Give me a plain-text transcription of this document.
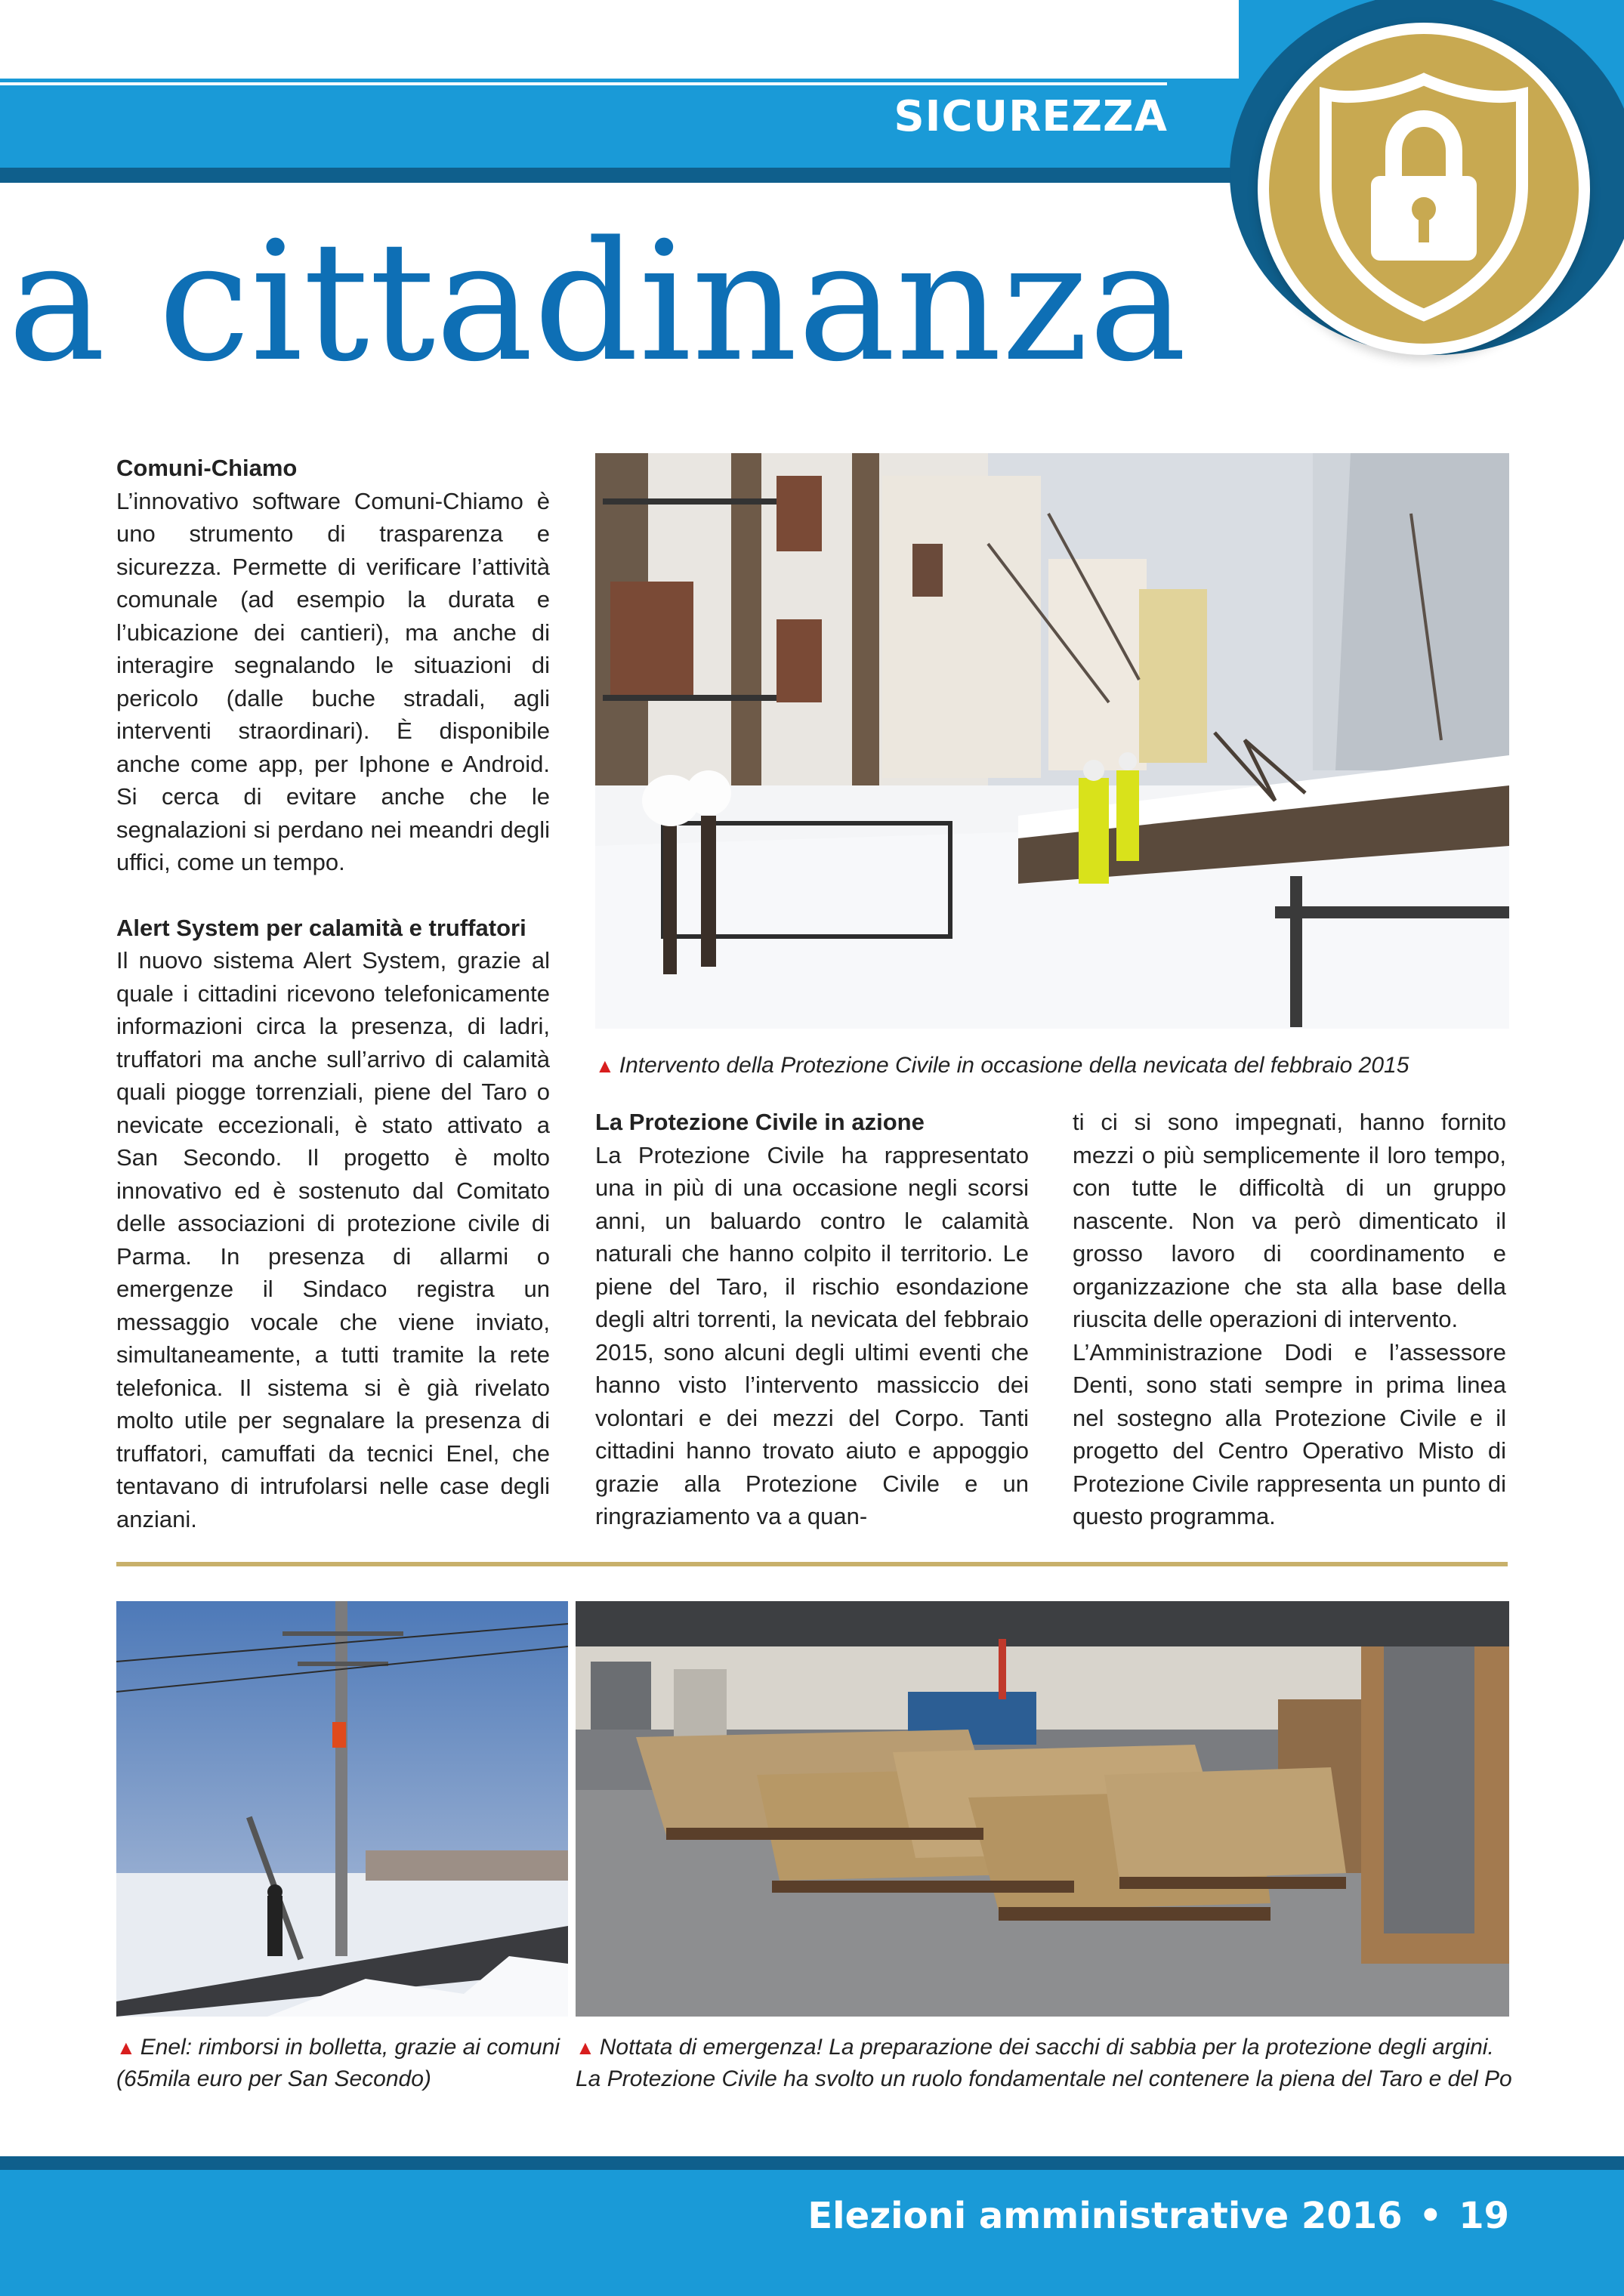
SICUREZZA
a cittadinanza
Comuni-Chiamo

L’innovativo software Comuni-Chiamo è uno strumento di trasparenza e sicurezza. Permette di verificare l’attività comunale (ad esempio la durata e l’ubicazione dei cantieri), ma anche di interagire segnalando le situazioni di pericolo (dalle buche stradali, agli interventi straordinari). È disponibile anche come app, per Iphone e Android. Si cerca di evitare anche che le segnalazioni si perdano nei meandri degli uffici, come un tempo.

Alert System per calamità e truffatori

Il nuovo sistema Alert System, grazie al quale i cittadini ricevono telefonicamente informazioni circa la presenza, di ladri, truffatori ma anche sull’arrivo di calamità quali piogge torrenziali, piene del Taro o nevicate eccezionali, è stato attivato a San Secondo. Il progetto è molto innovativo ed è sostenuto dal Comitato delle associazioni di protezione civile di Parma. In presenza di allarmi o emergenze il Sindaco registra un messaggio vocale che viene inviato, simultaneamente, a tutti tramite la rete telefonica. Il sistema si è già rivelato molto utile per segnalare la presenza di truffatori, camuffati da tecnici Enel, che tentavano di intrufolarsi nelle case degli anziani.

▲ Intervento della Protezione Civile in occasione della nevicata del febbraio 2015
La Protezione Civile in azione

La Protezione Civile ha rappresentato una in più di una occasione negli scorsi anni, un baluardo contro le calamità naturali che hanno colpito il territorio. Le piene del Taro, il rischio esondazione degli altri torrenti, la nevicata del febbraio 2015, sono alcuni degli ultimi eventi che hanno visto l’intervento massiccio dei volontari e dei mezzi del Corpo. Tanti cittadini hanno trovato aiuto e appoggio grazie alla Protezione Civile e un ringraziamento va a quan-

ti ci si sono impegnati, hanno fornito mezzi o più semplicemente il loro tempo, con tutte le difficoltà di un gruppo nascente. Non va però dimenticato il grosso lavoro di coordinamento e organizzazione che sta alla base della riuscita delle operazioni di intervento.

L’Amministrazione Dodi e l’assessore Denti, sono stati sempre in prima linea nel sostegno alla Protezione Civile e il progetto del Centro Operativo Misto di Protezione Civile rappresenta un punto di questo programma.

▲ Enel: rimborsi in bolletta, grazie ai comuni (65mila euro per San Secondo)
▲ Nottata di emergenza! La preparazione dei sacchi di sabbia per la protezione degli argini.
La Protezione Civile ha svolto un ruolo fondamentale nel contenere la piena del Taro e del Po
Elezioni amministrative 2016 • 19
